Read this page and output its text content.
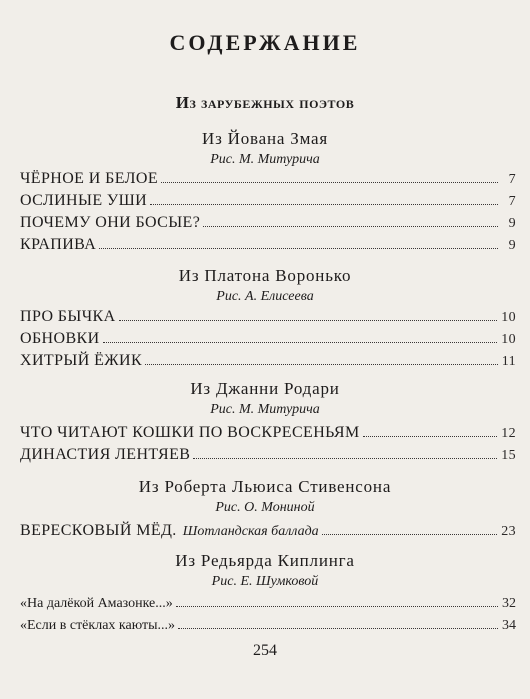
СОДЕРЖАНИЕ
Из зарубежных поэтов
Из Йована Змая
Рис. М. Митурича
ЧЁРНОЕ И БЕЛОЕ	7
ОСЛИНЫЕ УШИ	7
ПОЧЕМУ ОНИ БОСЫЕ?	9
КРАПИВА	9
Из Платона Воронько
Рис. А. Елисеева
ПРО БЫЧКА	10
ОБНОВКИ	10
ХИТРЫЙ ЁЖИК	11
Из Джанни Родари
Рис. М. Митурича
ЧТО ЧИТАЮТ КОШКИ ПО ВОСКРЕСЕНЬЯМ	12
ДИНАСТИЯ ЛЕНТЯЕВ	15
Из Роберта Льюиса Стивенсона
Рис. О. Мониной
ВЕРЕСКОВЫЙ МЁД. Шотландская баллада	23
Из Редьярда Киплинга
Рис. Е. Шумковой
«На далёкой Амазонке...»	32
«Если в стёклах каюты...»	34
254
